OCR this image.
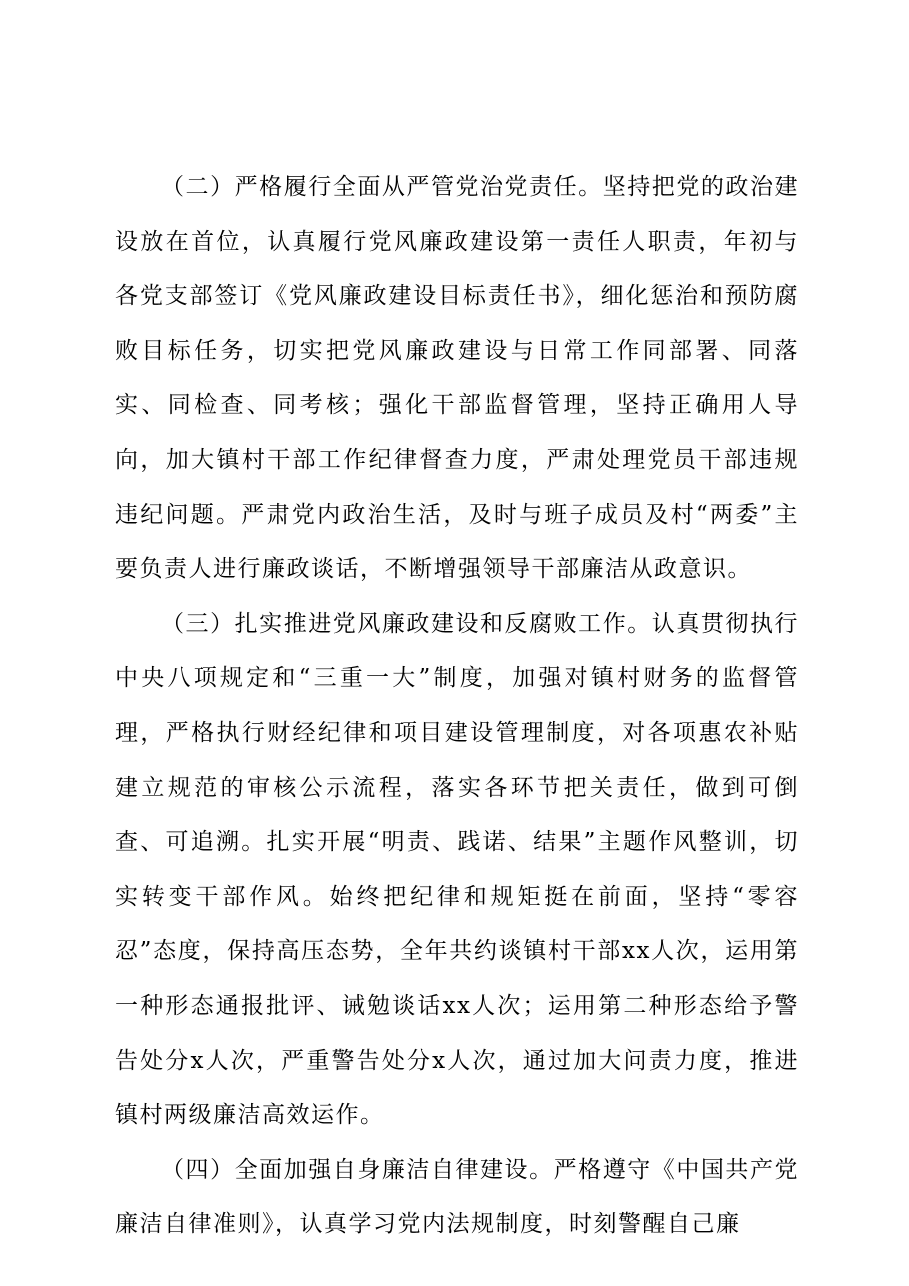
（二）严格履行全面从严管党治党责任。坚持把党的政治建设放在首位，认真履行党风廉政建设第一责任人职责，年初与各党支部签订《党风廉政建设目标责任书》，细化惩治和预防腐败目标任务，切实把党风廉政建设与日常工作同部署、同落实、同检查、同考核；强化干部监督管理，坚持正确用人导向，加大镇村干部工作纪律督查力度，严肃处理党员干部违规违纪问题。严肃党内政治生活，及时与班子成员及村“两委”主要负责人进行廉政谈话，不断增强领导干部廉洁从政意识。

（三）扎实推进党风廉政建设和反腐败工作。认真贯彻执行中央八项规定和“三重一大”制度，加强对镇村财务的监督管理，严格执行财经纪律和项目建设管理制度，对各项惠农补贴建立规范的审核公示流程，落实各环节把关责任，做到可倒查、可追溯。扎实开展“明责、践诺、结果”主题作风整训，切实转变干部作风。始终把纪律和规矩挺在前面，坚持“零容忍”态度，保持高压态势，全年共约谈镇村干部xx人次，运用第一种形态通报批评、诫勉谈话xx人次；运用第二种形态给予警告处分x人次，严重警告处分x人次，通过加大问责力度，推进镇村两级廉洁高效运作。

（四）全面加强自身廉洁自律建设。严格遵守《中国共产党廉洁自律准则》，认真学习党内法规制度，时刻警醒自己廉
